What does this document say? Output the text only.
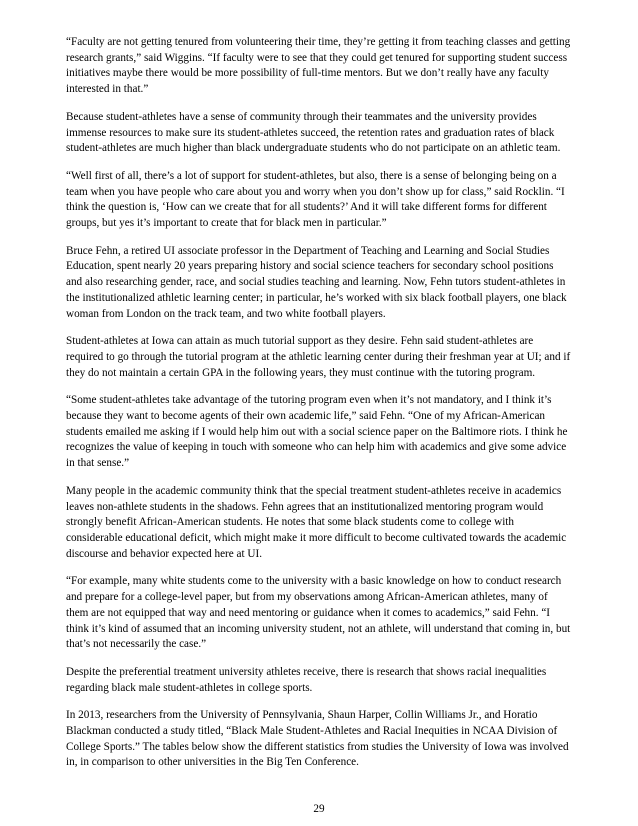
“Faculty are not getting tenured from volunteering their time, they’re getting it from teaching classes and getting research grants,” said Wiggins. “If faculty were to see that they could get tenured for supporting student success initiatives maybe there would be more possibility of full-time mentors. But we don’t really have any faculty interested in that.”

Because student-athletes have a sense of community through their teammates and the university provides immense resources to make sure its student-athletes succeed, the retention rates and graduation rates of black student-athletes are much higher than black undergraduate students who do not participate on an athletic team.

“Well first of all, there’s a lot of support for student-athletes, but also, there is a sense of belonging being on a team when you have people who care about you and worry when you don’t show up for class,” said Rocklin. “I think the question is, ‘How can we create that for all students?’ And it will take different forms for different groups, but yes it’s important to create that for black men in particular.”

Bruce Fehn, a retired UI associate professor in the Department of Teaching and Learning and Social Studies Education, spent nearly 20 years preparing history and social science teachers for secondary school positions and also researching gender, race, and social studies teaching and learning. Now, Fehn tutors student-athletes in the institutionalized athletic learning center; in particular, he’s worked with six black football players, one black woman from London on the track team, and two white football players.

Student-athletes at Iowa can attain as much tutorial support as they desire. Fehn said student-athletes are required to go through the tutorial program at the athletic learning center during their freshman year at UI; and if they do not maintain a certain GPA in the following years, they must continue with the tutoring program.

“Some student-athletes take advantage of the tutoring program even when it’s not mandatory, and I think it’s because they want to become agents of their own academic life,” said Fehn. “One of my African-American students emailed me asking if I would help him out with a social science paper on the Baltimore riots. I think he recognizes the value of keeping in touch with someone who can help him with academics and give some advice in that sense.”

Many people in the academic community think that the special treatment student-athletes receive in academics leaves non-athlete students in the shadows. Fehn agrees that an institutionalized mentoring program would strongly benefit African-American students. He notes that some black students come to college with considerable educational deficit, which might make it more difficult to become cultivated towards the academic discourse and behavior expected here at UI.

“For example, many white students come to the university with a basic knowledge on how to conduct research and prepare for a college-level paper, but from my observations among African-American athletes, many of them are not equipped that way and need mentoring or guidance when it comes to academics,” said Fehn. “I think it’s kind of assumed that an incoming university student, not an athlete, will understand that coming in, but that’s not necessarily the case.”

Despite the preferential treatment university athletes receive, there is research that shows racial inequalities regarding black male student-athletes in college sports.

In 2013, researchers from the University of Pennsylvania, Shaun Harper, Collin Williams Jr., and Horatio Blackman conducted a study titled, “Black Male Student-Athletes and Racial Inequities in NCAA Division of College Sports.” The tables below show the different statistics from studies the University of Iowa was involved in, in comparison to other universities in the Big Ten Conference.

29
